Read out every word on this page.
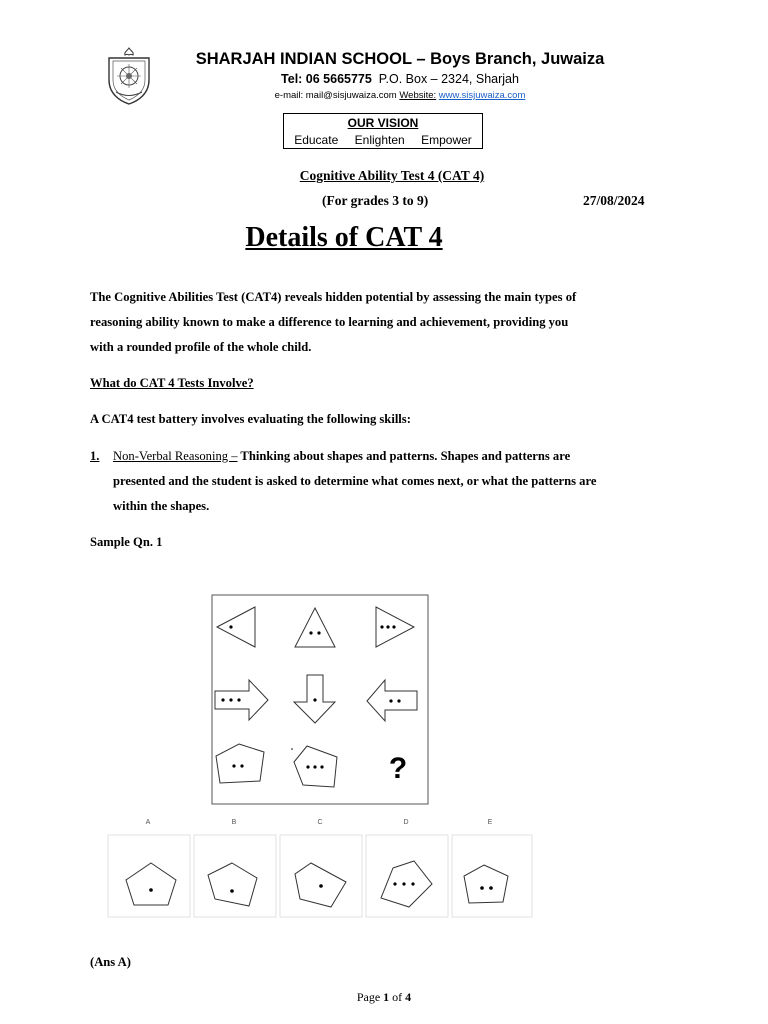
SHARJAH INDIAN SCHOOL – Boys Branch, Juwaiza
Tel: 06 5665775 P.O. Box – 2324, Sharjah
e-mail: mail@sisjuwaiza.com Website: www.sisjuwaiza.com
OUR VISION
Educate Enlighten Empower
Cognitive Ability Test 4 (CAT 4)
(For grades 3 to 9)	27/08/2024
Details of CAT 4
The Cognitive Abilities Test (CAT4) reveals hidden potential by assessing the main types of reasoning ability known to make a difference to learning and achievement, providing you with a rounded profile of the whole child.
What do CAT 4 Tests Involve?
A CAT4 test battery involves evaluating the following skills:
1. Non-Verbal Reasoning – Thinking about shapes and patterns. Shapes and patterns are presented and the student is asked to determine what comes next, or what the patterns are within the shapes.
Sample Qn. 1
?
A	B	C	D	E
(Ans A)
Page 1 of 4
